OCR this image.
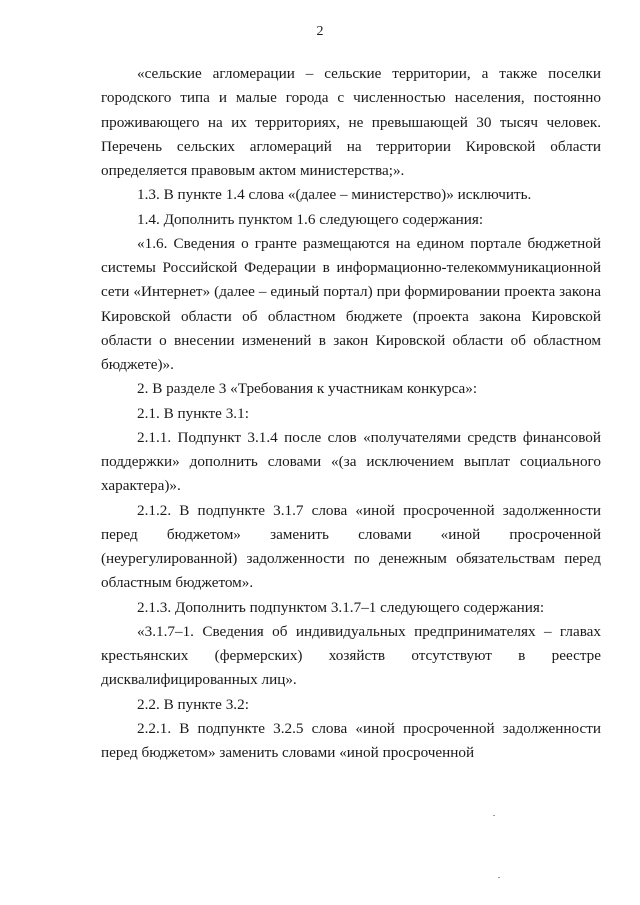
2

«сельские агломерации – сельские территории, а также поселки городского типа и малые города с численностью населения, постоянно проживающего на их территориях, не превышающей 30 тысяч человек. Перечень сельских агломераций на территории Кировской области определяется правовым актом министерства;».

1.3. В пункте 1.4 слова «(далее – министерство)» исключить.

1.4. Дополнить пунктом 1.6 следующего содержания:

«1.6. Сведения о гранте размещаются на едином портале бюджетной системы Российской Федерации в информационно-телекоммуникационной сети «Интернет» (далее – единый портал) при формировании проекта закона Кировской области об областном бюджете (проекта закона Кировской области о внесении изменений в закон Кировской области об областном бюджете)».

2. В разделе 3 «Требования к участникам конкурса»:

2.1. В пункте 3.1:

2.1.1. Подпункт 3.1.4 после слов «получателями средств финансовой поддержки» дополнить словами «(за исключением выплат социального характера)».

2.1.2. В подпункте 3.1.7 слова «иной просроченной задолженности перед бюджетом» заменить словами «иной просроченной (неурегулированной) задолженности по денежным обязательствам перед областным бюджетом».

2.1.3. Дополнить подпунктом 3.1.7–1 следующего содержания:

«3.1.7–1. Сведения об индивидуальных предпринимателях – главах крестьянских (фермерских) хозяйств отсутствуют в реестре дисквалифицированных лиц».

2.2. В пункте 3.2:

2.2.1. В подпункте 3.2.5 слова «иной просроченной задолженности перед бюджетом» заменить словами «иной просроченной
